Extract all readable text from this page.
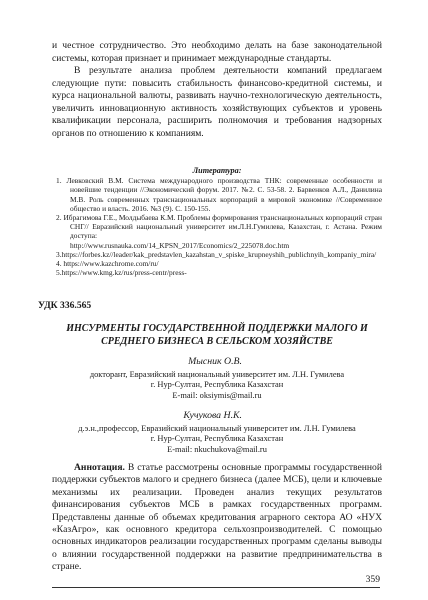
и честное сотрудничество. Это необходимо делать на базе законодательной системы, которая признает и принимает международные стандарты.

В результате анализа проблем деятельности компаний предлагаем следующие пути: повысить стабильность финансово-кредитной системы, и курса национальной валюты, развивать научно-технологическую деятельность, увеличить инновационную активность хозяйствующих субъектов и уровень квалификации персонала, расширить полномочия и требования надзорных органов по отношению к компаниям.

Литература:
1. Левковский В.М. Система международного производства ТНК: современные особенности и новейшие тенденции //Экономический форум. 2017. №2. С. 53-58. 2. Барвенков А.Л., Данилина М.В. Роль современных транснациональных корпораций в мировой экономике //Современное общество и власть. 2016. №3 (9). С. 150-155.
2. Ибрагимова Г.Е., Молдыбаева К.М. Проблемы формирования транснациональных корпораций стран СНГ// Евразийский национальный университет им.Л.Н.Гумилева, Казахстан, г. Астана. Режим доступа:
http://www.rusnauka.com/14_KPSN_2017/Economics/2_225078.doc.htm
3.https://forbes.kz//leader/kak_predstavlen_kazahstan_v_spiske_krupneyshih_publichnyih_kompaniy_mira/
4. https://www.kazchrome.com/ru/
5.https://www.kmg.kz/rus/press-centr/press-
УДК 336.565
ИНСУРМЕНТЫ ГОСУДАРСТВЕННОЙ ПОДДЕРЖКИ МАЛОГО И СРЕДНЕГО БИЗНЕСА В СЕЛЬСКОМ ХОЗЯЙСТВЕ
Мысник О.В.
докторант, Евразийский национальный университет им. Л.Н. Гумилева
г. Нур-Султан, Республика Казахстан
E-mail: oksiymis@mail.ru
Кучукова Н.К.
д.э.н.,профессор, Евразийский национальный университет им. Л.Н. Гумилева
г. Нур-Султан, Республика Казахстан
E-mail: nkuchukova@mail.ru

Аннотация. В статье рассмотрены основные программы государственной поддержки субъектов малого и среднего бизнеса (далее МСБ), цели и ключевые механизмы их реализации. Проведен анализ текущих результатов финансирования субъектов МСБ в рамках государственных программ. Представлены данные об объемах кредитования аграрного сектора АО «НУХ «КазАгро», как основного кредитора сельхозпроизводителей. С помощью основных индикаторов реализации государственных программ сделаны выводы о влиянии государственной поддержки на развитие предпринимательства в стране.

359
